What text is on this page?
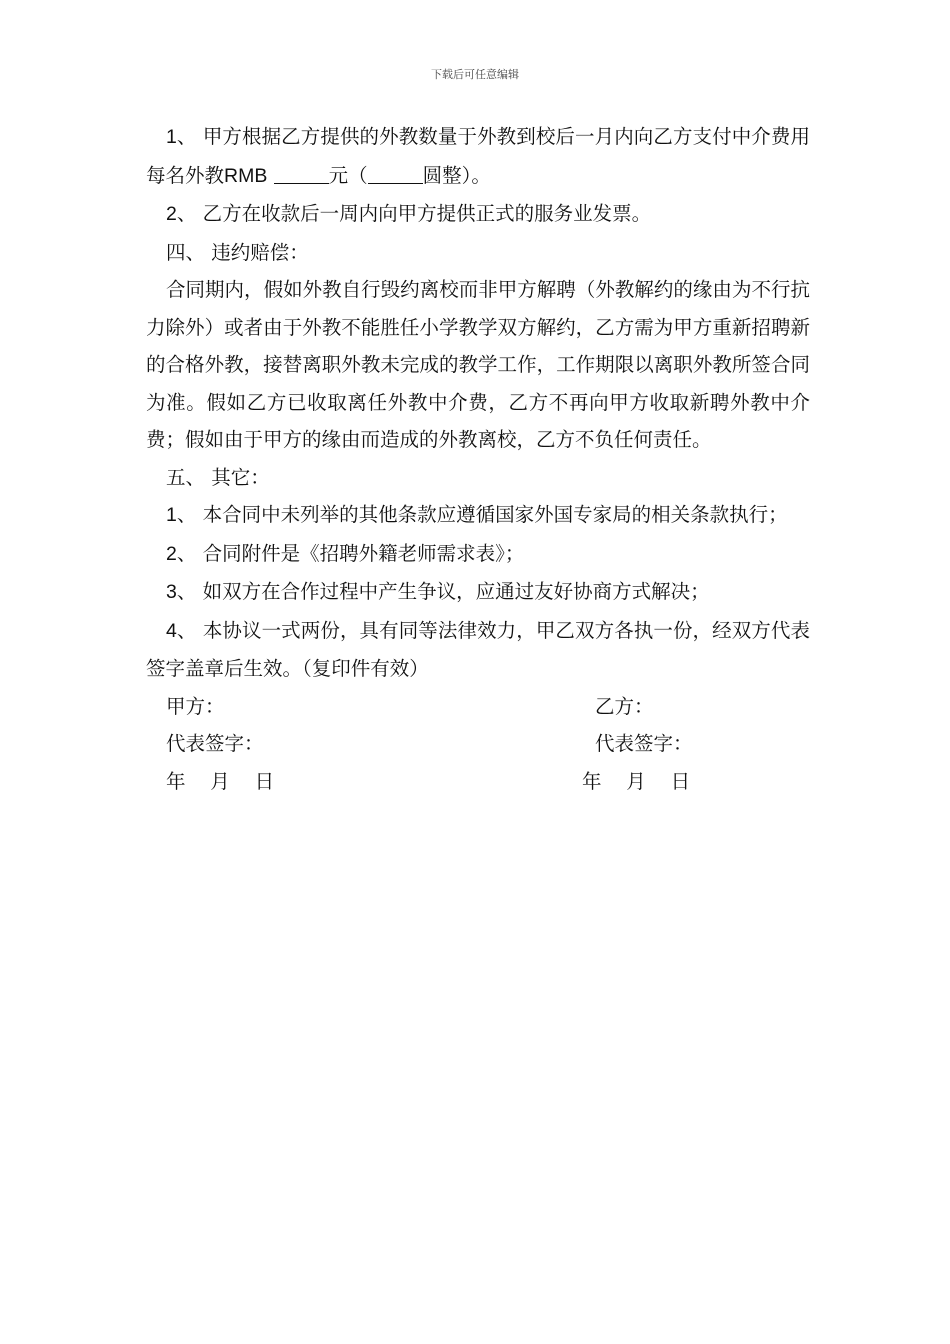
下载后可任意编辑

1、 甲方根据乙方提供的外教数量于外教到校后一月内向乙方支付中介费用每名外教RMB	元（	圆整）。

2、 乙方在收款后一周内向甲方提供正式的服务业发票。

四、 违约赔偿：

合同期内，假如外教自行毁约离校而非甲方解聘（外教解约的缘由为不行抗力除外）或者由于外教不能胜任小学教学双方解约，乙方需为甲方重新招聘新的合格外教，接替离职外教未完成的教学工作，工作期限以离职外教所签合同为准。假如乙方已收取离任外教中介费，乙方不再向甲方收取新聘外教中介费；假如由于甲方的缘由而造成的外教离校，乙方不负任何责任。

五、 其它：

1、 本合同中未列举的其他条款应遵循国家外国专家局的相关条款执行；

2、 合同附件是《招聘外籍老师需求表》；

3、 如双方在合作过程中产生争议，应通过友好协商方式解决；

4、 本协议一式两份，具有同等法律效力，甲乙双方各执一份，经双方代表签字盖章后生效。（复印件有效）

甲方：	乙方：
代表签字：	代表签字：
年    月    日	年    月    日
